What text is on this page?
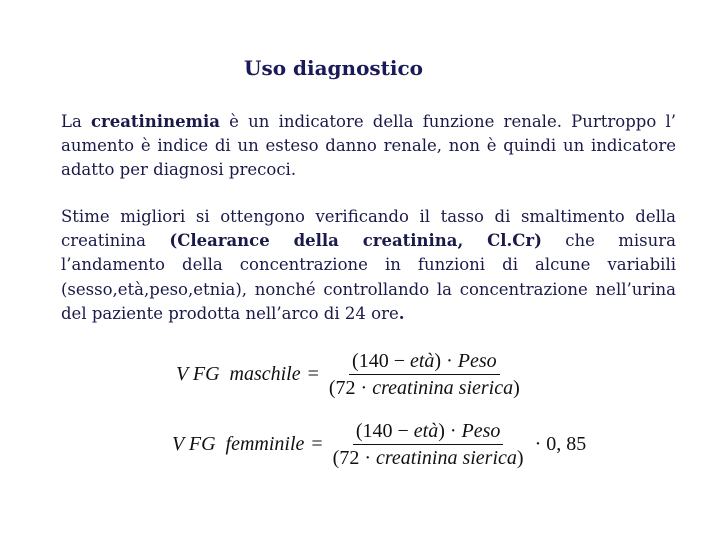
Uso diagnostico
La creatininemia è un indicatore della funzione renale. Purtroppo l’ aumento è indice di un esteso danno renale, non è quindi un indicatore adatto per diagnosi precoci.
Stime migliori si ottengono verificando il tasso di smaltimento della creatinina (Clearance della creatinina, Cl.Cr) che misura l’andamento della concentrazione in funzioni di alcune variabili (sesso,età,peso,etnia), nonché controllando la concentrazione nell’urina del paziente prodotta nell’arco di 24 ore.
V FG  maschile = $\frac{\text{(140 − età) · Peso}}{\text{(72 · creatinina sierica)}}$
V FG  femminile = $\frac{\text{(140 − età) · Peso}}{\text{(72 · creatinina sierica)}} \cdot 0$, 85
